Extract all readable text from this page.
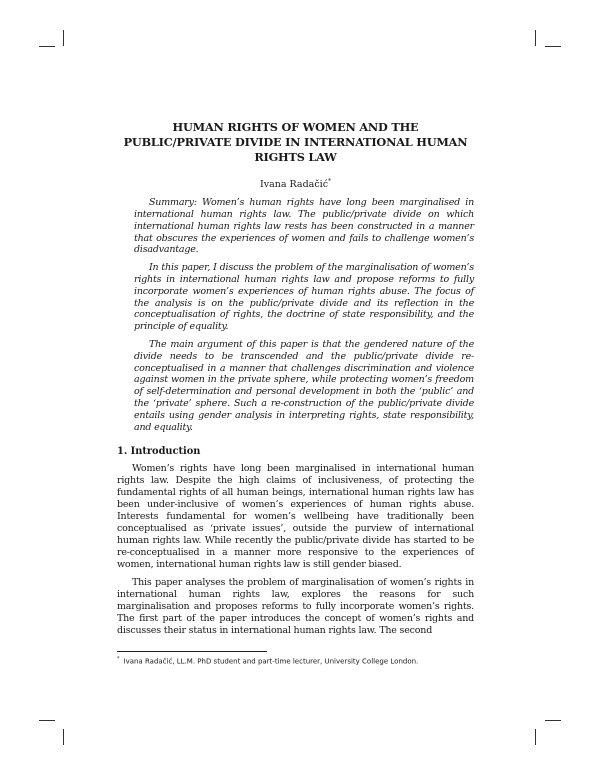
HUMAN RIGHTS OF WOMEN AND THE PUBLIC/PRIVATE DIVIDE IN INTERNATIONAL HUMAN RIGHTS LAW
Ivana Radačić*

Summary: Women’s human rights have long been marginalised in international human rights law. The public/private divide on which international human rights law rests has been constructed in a manner that obscures the experiences of women and fails to challenge women’s disadvantage.

In this paper, I discuss the problem of the marginalisation of women’s rights in international human rights law and propose reforms to fully incorporate women’s experiences of human rights abuse. The focus of the analysis is on the public/private divide and its reflection in the conceptualisation of rights, the doctrine of state responsibility, and the principle of equality.

The main argument of this paper is that the gendered nature of the divide needs to be transcended and the public/private divide re-conceptualised in a manner that challenges discrimination and violence against women in the private sphere, while protecting women’s freedom of self-determination and personal development in both the ‘public’ and the ‘private’ sphere. Such a re-construction of the public/private divide entails using gender analysis in interpreting rights, state responsibility, and equality.

1. Introduction

Women’s rights have long been marginalised in international human rights law. Despite the high claims of inclusiveness, of protecting the fundamental rights of all human beings, international human rights law has been under-inclusive of women’s experiences of human rights abuse. Interests fundamental for women’s wellbeing have traditionally been conceptualised as ‘private issues’, outside the purview of international human rights law. While recently the public/private divide has started to be re-conceptualised in a manner more responsive to the experiences of women, international human rights law is still gender biased.

This paper analyses the problem of marginalisation of women’s rights in international human rights law, explores the reasons for such marginalisation and proposes reforms to fully incorporate women’s rights. The first part of the paper introduces the concept of women’s rights and discusses their status in international human rights law. The second

* Ivana Radačić, LL.M. PhD student and part-time lecturer, University College London.
